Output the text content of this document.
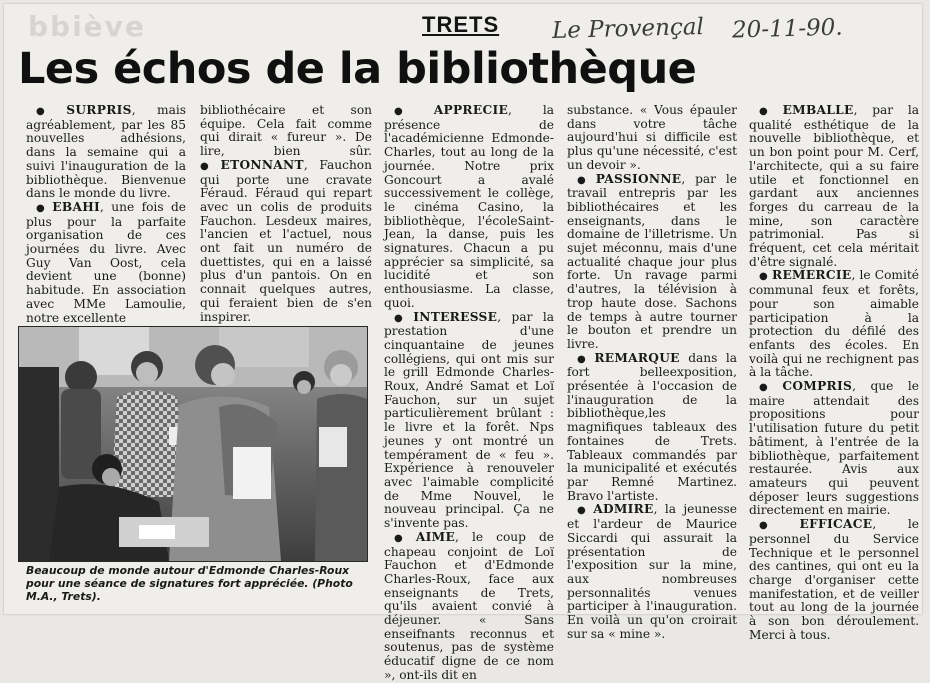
bbiève	TRETS Le Provençal 20-11-90.
Les échos de la bibliothèque

● SURPRIS, mais agréablement, par les 85 nouvelles adhésions, dans la semaine qui a suivi l'inauguration de la bibliothèque. Bienvenue dans le monde du livre.

● EBAHI, une fois de plus pour la parfaite organisation de ces journées du livre. Avec Guy Van Oost, cela devient une (bonne) habitude. En association avec MMe Lamoulie, notre excellente

bibliothécaire et son équipe. Cela fait comme qui dirait « fureur ». De lire, bien sûr. ● ETONNANT, Fauchon qui porte une cravate Féraud. Féraud qui repart avec un colis de produits Fauchon. Lesdeux maires, l'ancien et l'actuel, nous ont fait un numéro de duettistes, qui en a laissé plus d'un pantois. On en connait quelques autres, qui feraient bien de s'en inspirer.

● APPRECIE, la présence de l'académicienne Edmonde-Charles, tout au long de la journée. Notre prix Goncourt a avalé successivement le collège, le cinéma Casino, la bibliothèque, l'écoleSaint-Jean, la danse, puis les signatures. Chacun a pu apprécier sa simplicité, sa lucidité et son enthousiasme. La classe, quoi.

● INTERESSE, par la prestation d'une cinquantaine de jeunes collégiens, qui ont mis sur le grill Edmonde Charles-Roux, André Samat et Loï Fauchon, sur un sujet particulièrement brûlant : le livre et la forêt. Nps jeunes y ont montré un tempérament de « feu ». Expérience à renouveler avec l'aimable complicité de Mme Nouvel, le nouveau principal. Ça ne s'invente pas.

● AIME, le coup de chapeau conjoint de Loï Fauchon et d'Edmonde Charles-Roux, face aux enseignants de Trets, qu'ils avaient convié à déjeuner. « Sans enseifnants reconnus et soutenus, pas de système éducatif digne de ce nom », ont-ils dit en

substance. « Vous épauler dans votre tâche aujourd'hui si difficile est plus qu'une nécessité, c'est un devoir ».

● PASSIONNE, par le travail entrepris par les bibliothécaires et les enseignants, dans le domaine de l'illetrisme. Un sujet méconnu, mais d'une actualité chaque jour plus forte. Un ravage parmi d'autres, la télévision à trop haute dose. Sachons de temps à autre tourner le bouton et prendre un livre.

● REMARQUE dans la fort belleexposition, présentée à l'occasion de l'inauguration de la bibliothèque,les magnifiques tableaux des fontaines de Trets. Tableaux commandés par la municipalité et exécutés par Remné Martinez. Bravo l'artiste.

● ADMIRE, la jeunesse et l'ardeur de Maurice Siccardi qui assurait la présentation de l'exposition sur la mine, aux nombreuses personnalités venues participer à l'inauguration. En voilà un qu'on croirait sur sa « mine ».

● EMBALLE, par la qualité esthétique de la nouvelle bibliothèque, et un bon point pour M. Cerf, l'architecte, qui a su faire utile et fonctionnel en gardant aux anciennes forges du carreau de la mine, son caractère patrimonial. Pas si fréquent, cet cela méritait d'être signalé.

● REMERCIE, le Comité communal feux et forêts, pour son aimable participation à la protection du défilé des enfants des écoles. En voilà qui ne rechignent pas à la tâche.

● COMPRIS, que le maire attendait des propositions pour l'utilisation future du petit bâtiment, à l'entrée de la bibliothèque, parfaitement restaurée. Avis aux amateurs qui peuvent déposer leurs suggestions directement en mairie.

● EFFICACE, le personnel du Service Technique et le personnel des cantines, qui ont eu la charge d'organiser cette manifestation, et de veiller tout au long de la journée à son bon déroulement. Merci à tous.

Beaucoup de monde autour d'Edmonde Charles-Roux pour une séance de signatures fort appréciée. (Photo M.A., Trets).
